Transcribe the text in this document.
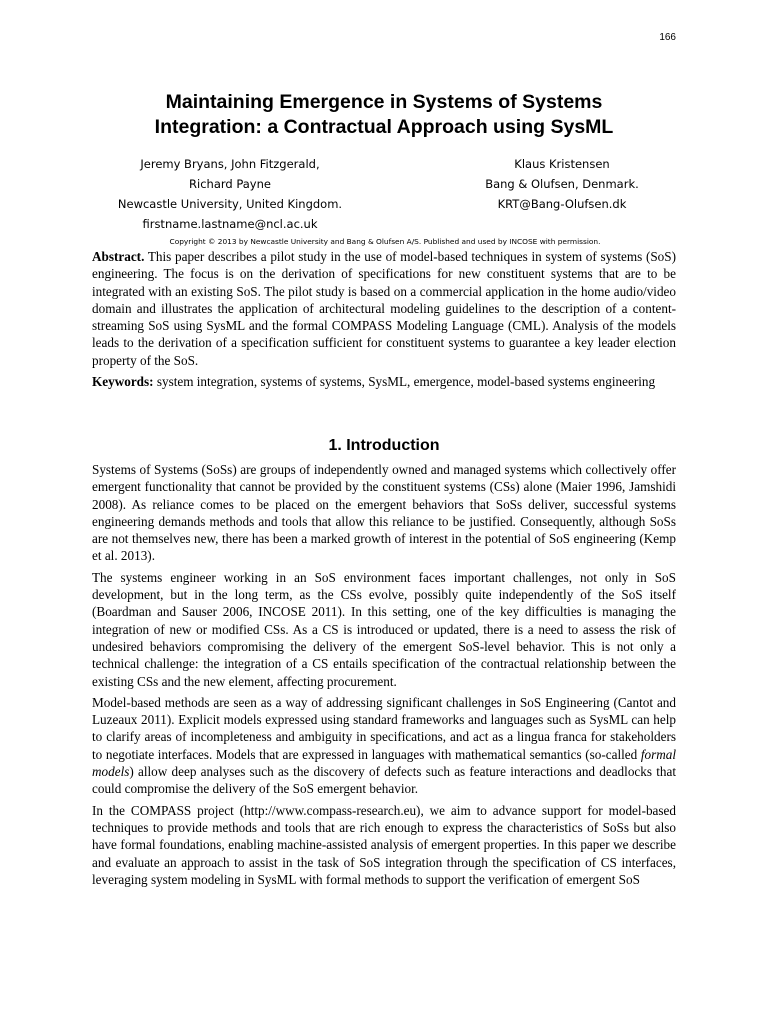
166
Maintaining Emergence in Systems of Systems
Integration: a Contractual Approach using SysML
Jeremy Bryans, John Fitzgerald,
Richard Payne
Newcastle University, United Kingdom.
firstname.lastname@ncl.ac.uk
Klaus Kristensen
Bang & Olufsen, Denmark.
KRT@Bang-Olufsen.dk
Copyright © 2013 by Newcastle University and Bang & Olufsen A/S. Published and used by INCOSE with permission.

Abstract. This paper describes a pilot study in the use of model-based techniques in system of systems (SoS) engineering. The focus is on the derivation of specifications for new constituent systems that are to be integrated with an existing SoS. The pilot study is based on a commercial application in the home audio/video domain and illustrates the application of architectural modeling guidelines to the description of a content-streaming SoS using SysML and the formal COMPASS Modeling Language (CML). Analysis of the models leads to the derivation of a specification sufficient for constituent systems to guarantee a key leader election property of the SoS.

Keywords: system integration, systems of systems, SysML, emergence, model-based systems engineering

1. Introduction

Systems of Systems (SoSs) are groups of independently owned and managed systems which collectively offer emergent functionality that cannot be provided by the constituent systems (CSs) alone (Maier 1996, Jamshidi 2008). As reliance comes to be placed on the emergent behaviors that SoSs deliver, successful systems engineering demands methods and tools that allow this reliance to be justified. Consequently, although SoSs are not themselves new, there has been a marked growth of interest in the potential of SoS engineering (Kemp et al. 2013).

The systems engineer working in an SoS environment faces important challenges, not only in SoS development, but in the long term, as the CSs evolve, possibly quite independently of the SoS itself (Boardman and Sauser 2006, INCOSE 2011). In this setting, one of the key difficulties is managing the integration of new or modified CSs. As a CS is introduced or updated, there is a need to assess the risk of undesired behaviors compromising the delivery of the emergent SoS-level behavior. This is not only a technical challenge: the integration of a CS entails specification of the contractual relationship between the existing CSs and the new element, affecting procurement.

Model-based methods are seen as a way of addressing significant challenges in SoS Engineering (Cantot and Luzeaux 2011). Explicit models expressed using standard frameworks and languages such as SysML can help to clarify areas of incompleteness and ambiguity in specifications, and act as a lingua franca for stakeholders to negotiate interfaces. Models that are expressed in languages with mathematical semantics (so-called formal models) allow deep analyses such as the discovery of defects such as feature interactions and deadlocks that could compromise the delivery of the SoS emergent behavior.

In the COMPASS project (http://www.compass-research.eu), we aim to advance support for model-based techniques to provide methods and tools that are rich enough to express the characteristics of SoSs but also have formal foundations, enabling machine-assisted analysis of emergent properties. In this paper we describe and evaluate an approach to assist in the task of SoS integration through the specification of CS interfaces, leveraging system modeling in SysML with formal methods to support the verification of emergent SoS
